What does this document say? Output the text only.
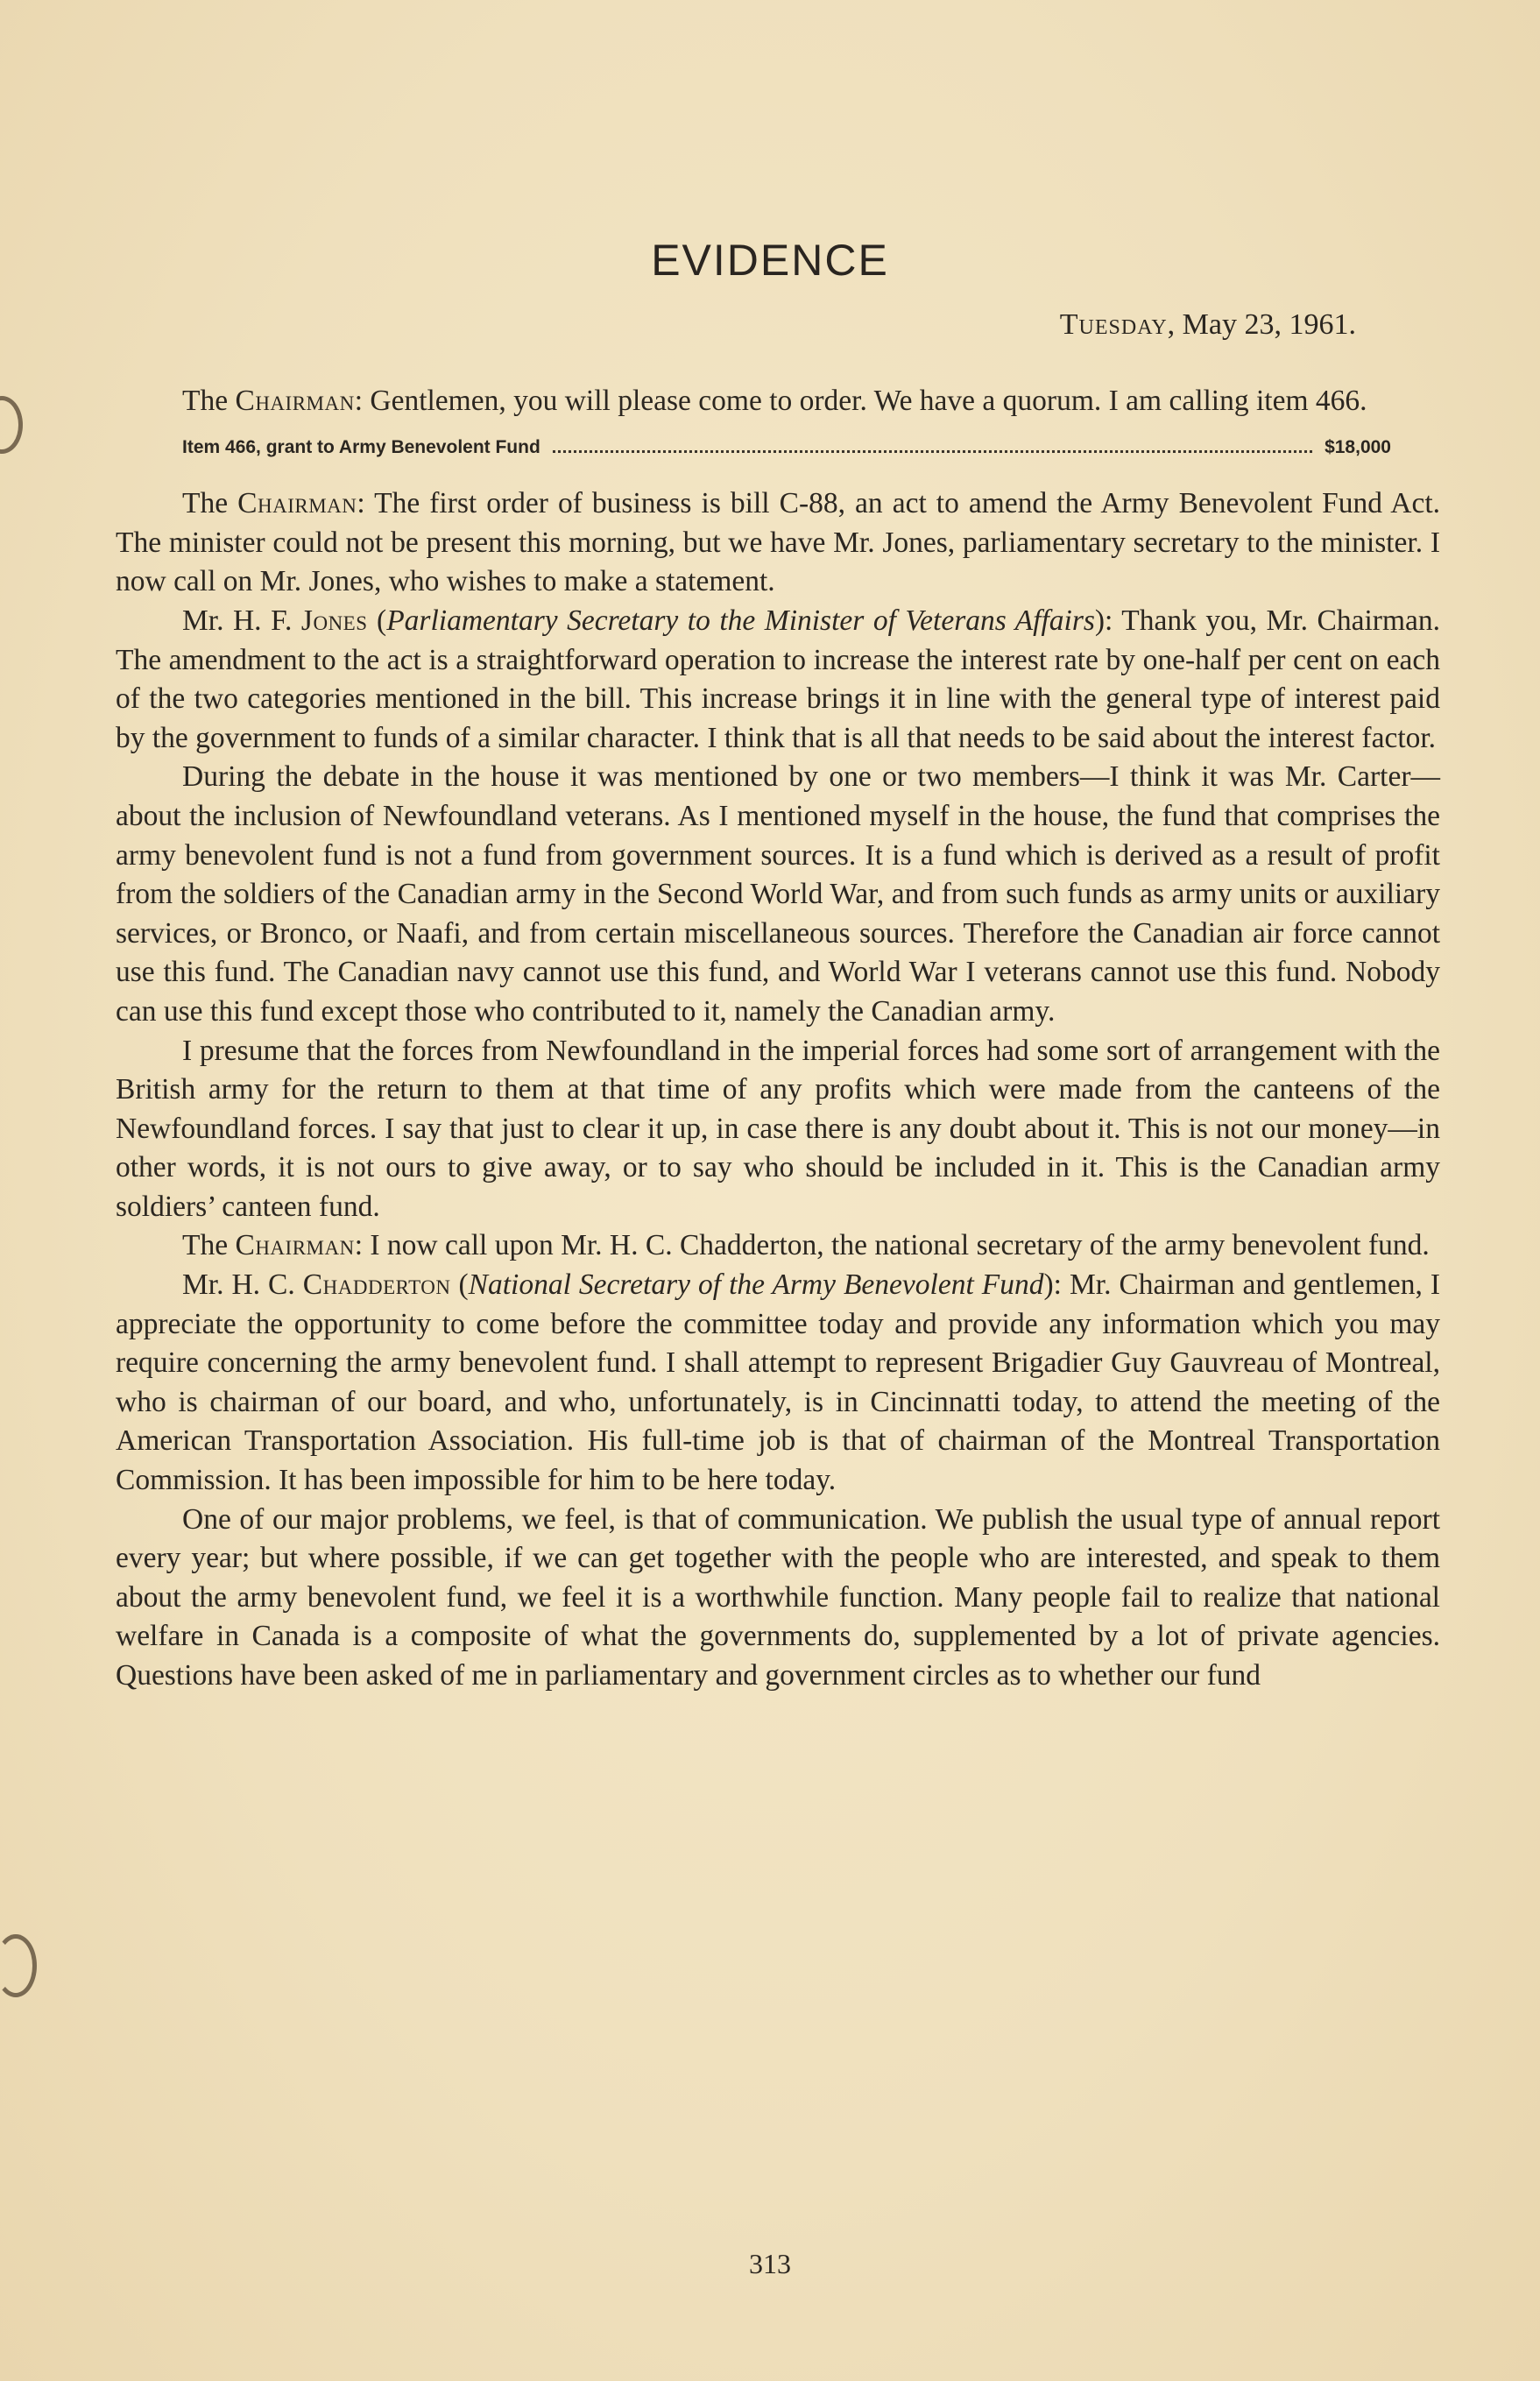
EVIDENCE
Tuesday, May 23, 1961.

The Chairman: Gentlemen, you will please come to order. We have a quorum. I am calling item 466.

Item 466, grant to Army Benevolent Fund	$18,000

The Chairman: The first order of business is bill C-88, an act to amend the Army Benevolent Fund Act. The minister could not be present this morning, but we have Mr. Jones, parliamentary secretary to the minister. I now call on Mr. Jones, who wishes to make a statement.

Mr. H. F. Jones (Parliamentary Secretary to the Minister of Veterans Affairs): Thank you, Mr. Chairman. The amendment to the act is a straightforward operation to increase the interest rate by one-half per cent on each of the two categories mentioned in the bill. This increase brings it in line with the general type of interest paid by the government to funds of a similar character. I think that is all that needs to be said about the interest factor.

During the debate in the house it was mentioned by one or two members—I think it was Mr. Carter—about the inclusion of Newfoundland veterans. As I mentioned myself in the house, the fund that comprises the army benevolent fund is not a fund from government sources. It is a fund which is derived as a result of profit from the soldiers of the Canadian army in the Second World War, and from such funds as army units or auxiliary services, or Bronco, or Naafi, and from certain miscellaneous sources. Therefore the Canadian air force cannot use this fund. The Canadian navy cannot use this fund, and World War I veterans cannot use this fund. Nobody can use this fund except those who contributed to it, namely the Canadian army.

I presume that the forces from Newfoundland in the imperial forces had some sort of arrangement with the British army for the return to them at that time of any profits which were made from the canteens of the Newfoundland forces. I say that just to clear it up, in case there is any doubt about it. This is not our money—in other words, it is not ours to give away, or to say who should be included in it. This is the Canadian army soldiers’ canteen fund.

The Chairman: I now call upon Mr. H. C. Chadderton, the national secretary of the army benevolent fund.

Mr. H. C. Chadderton (National Secretary of the Army Benevolent Fund): Mr. Chairman and gentlemen, I appreciate the opportunity to come before the committee today and provide any information which you may require concerning the army benevolent fund. I shall attempt to represent Brigadier Guy Gauvreau of Montreal, who is chairman of our board, and who, unfortunately, is in Cincinnatti today, to attend the meeting of the American Transportation Association. His full-time job is that of chairman of the Montreal Transportation Commission. It has been impossible for him to be here today.

One of our major problems, we feel, is that of communication. We publish the usual type of annual report every year; but where possible, if we can get together with the people who are interested, and speak to them about the army benevolent fund, we feel it is a worthwhile function. Many people fail to realize that national welfare in Canada is a composite of what the governments do, supplemented by a lot of private agencies. Questions have been asked of me in parliamentary and government circles as to whether our fund

313
